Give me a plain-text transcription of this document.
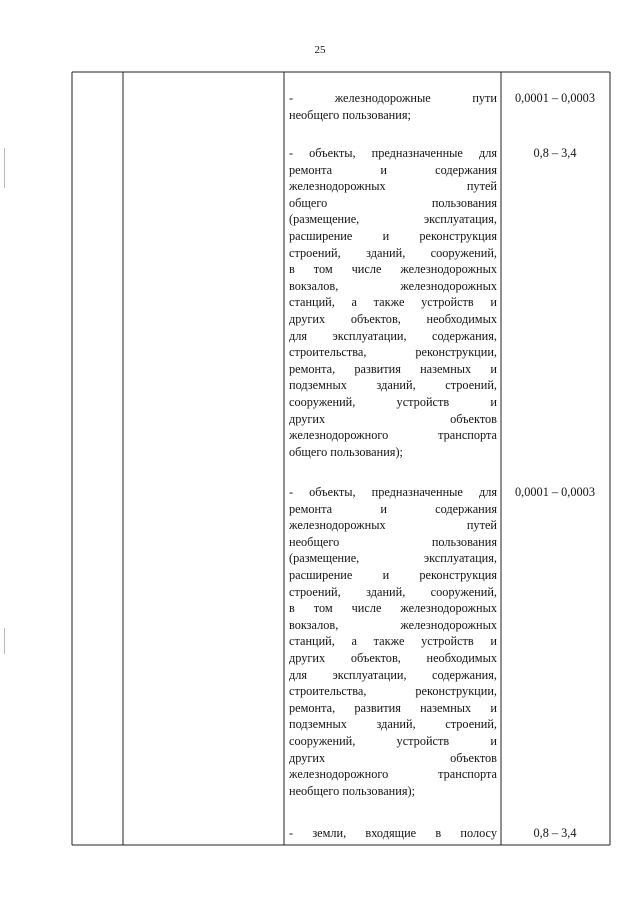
25
- железнодорожные пути
необщего пользования;
0,0001 – 0,0003
- объекты, предназначенные для
ремонта и содержания
железнодорожных путей
общего пользования
(размещение, эксплуатация,
расширение и реконструкция
строений, зданий, сооружений,
в том числе железнодорожных
вокзалов, железнодорожных
станций, а также устройств и
других объектов, необходимых
для эксплуатации, содержания,
строительства, реконструкции,
ремонта, развития наземных и
подземных зданий, строений,
сооружений, устройств и
других объектов
железнодорожного транспорта
общего пользования);
0,8 – 3,4
- объекты, предназначенные для
ремонта и содержания
железнодорожных путей
необщего пользования
(размещение, эксплуатация,
расширение и реконструкция
строений, зданий, сооружений,
в том числе железнодорожных
вокзалов, железнодорожных
станций, а также устройств и
других объектов, необходимых
для эксплуатации, содержания,
строительства, реконструкции,
ремонта, развития наземных и
подземных зданий, строений,
сооружений, устройств и
других объектов
железнодорожного транспорта
необщего пользования);
0,0001 – 0,0003
- земли, входящие в полосу	0,8 – 3,4
